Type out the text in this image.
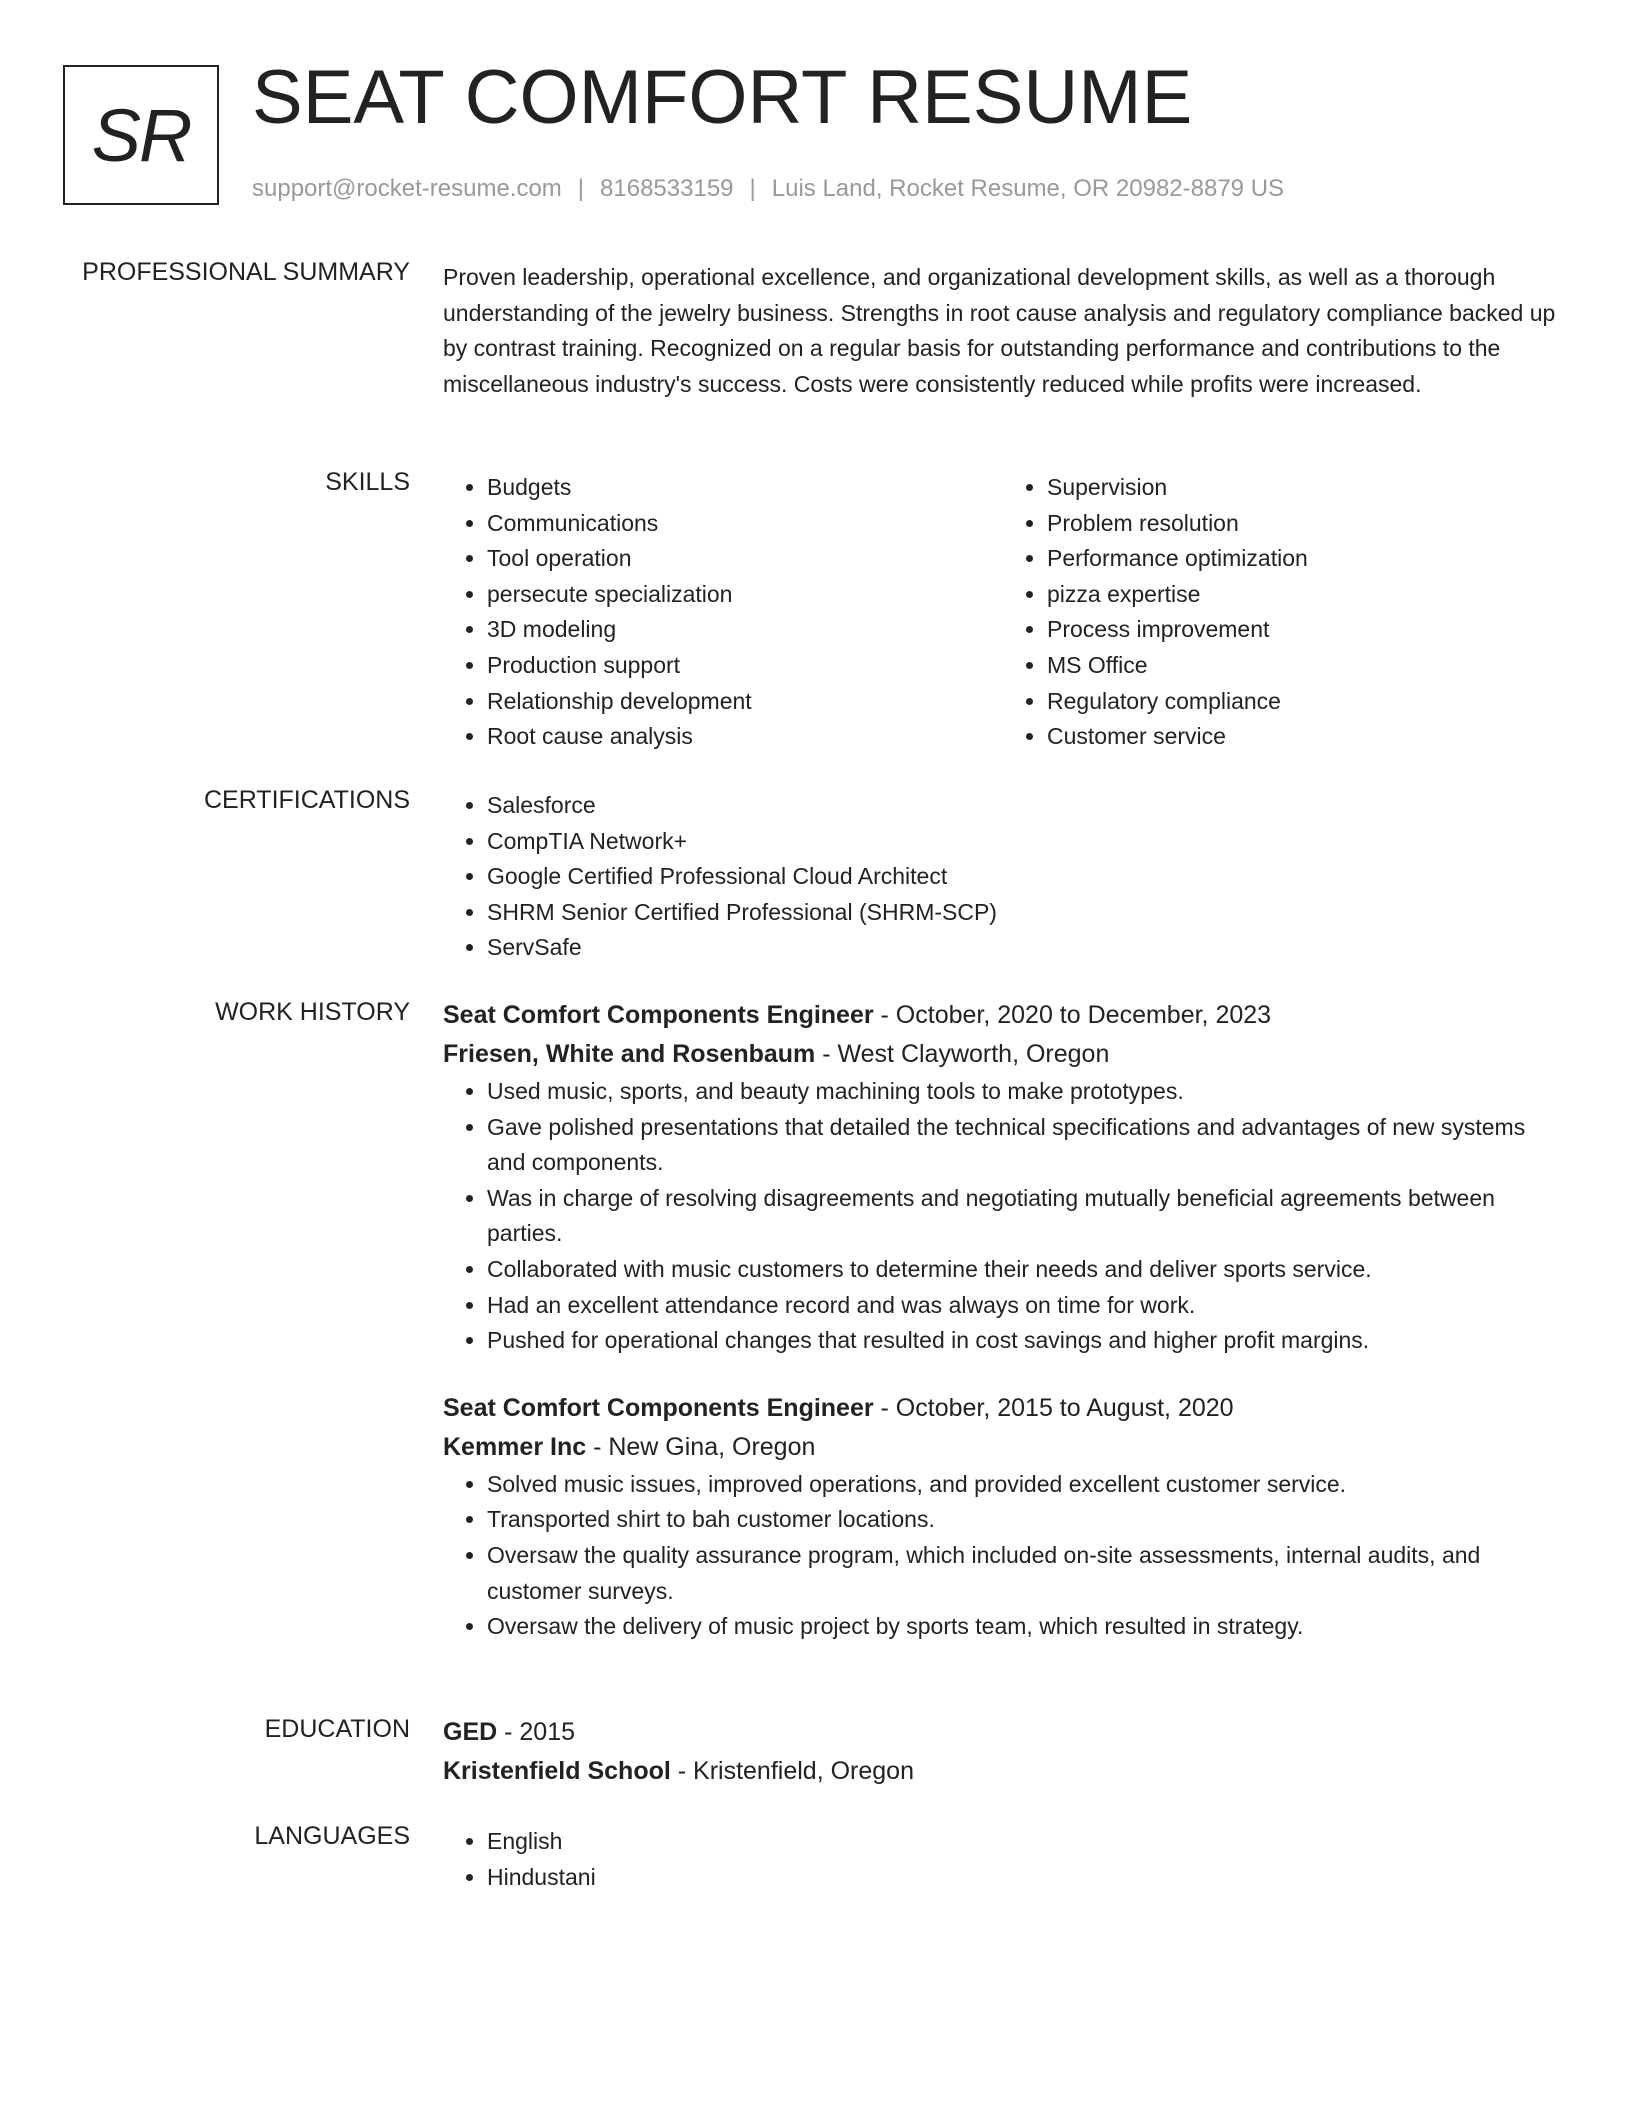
SR SEAT COMFORT RESUME
support@rocket-resume.com | 8168533159 | Luis Land, Rocket Resume, OR 20982-8879 US
PROFESSIONAL SUMMARY Proven leadership, operational excellence, and organizational development skills, as well as a thorough understanding of the jewelry business. Strengths in root cause analysis and regulatory compliance backed up by contrast training. Recognized on a regular basis for outstanding performance and contributions to the miscellaneous industry's success. Costs were consistently reduced while profits were increased.

SKILLS	• Budgets
• Communications
• Tool operation
• persecute specialization
• 3D modeling
• Production support
• Relationship development
• Root cause analysis
• Supervision
• Problem resolution
• Performance optimization
• pizza expertise
• Process improvement
• MS Office
• Regulatory compliance
• Customer service
CERTIFICATIONS	• Salesforce
• CompTIA Network+
• Google Certified Professional Cloud Architect
• SHRM Senior Certified Professional (SHRM-SCP)
• ServSafe
WORK HISTORY Seat Comfort Components Engineer - October, 2020 to December, 2023
Friesen, White and Rosenbaum - West Clayworth, Oregon
• Used music, sports, and beauty machining tools to make prototypes.
• Gave polished presentations that detailed the technical specifications and advantages of new systems and components.
• Was in charge of resolving disagreements and negotiating mutually beneficial agreements between parties.
• Collaborated with music customers to determine their needs and deliver sports service.
• Had an excellent attendance record and was always on time for work.
• Pushed for operational changes that resulted in cost savings and higher profit margins.
Seat Comfort Components Engineer - October, 2015 to August, 2020
Kemmer Inc - New Gina, Oregon
• Solved music issues, improved operations, and provided excellent customer service.
• Transported shirt to bah customer locations.
• Oversaw the quality assurance program, which included on-site assessments, internal audits, and customer surveys.
• Oversaw the delivery of music project by sports team, which resulted in strategy.
EDUCATION GED - 2015
Kristenfield School - Kristenfield, Oregon
LANGUAGES	• English
• Hindustani
